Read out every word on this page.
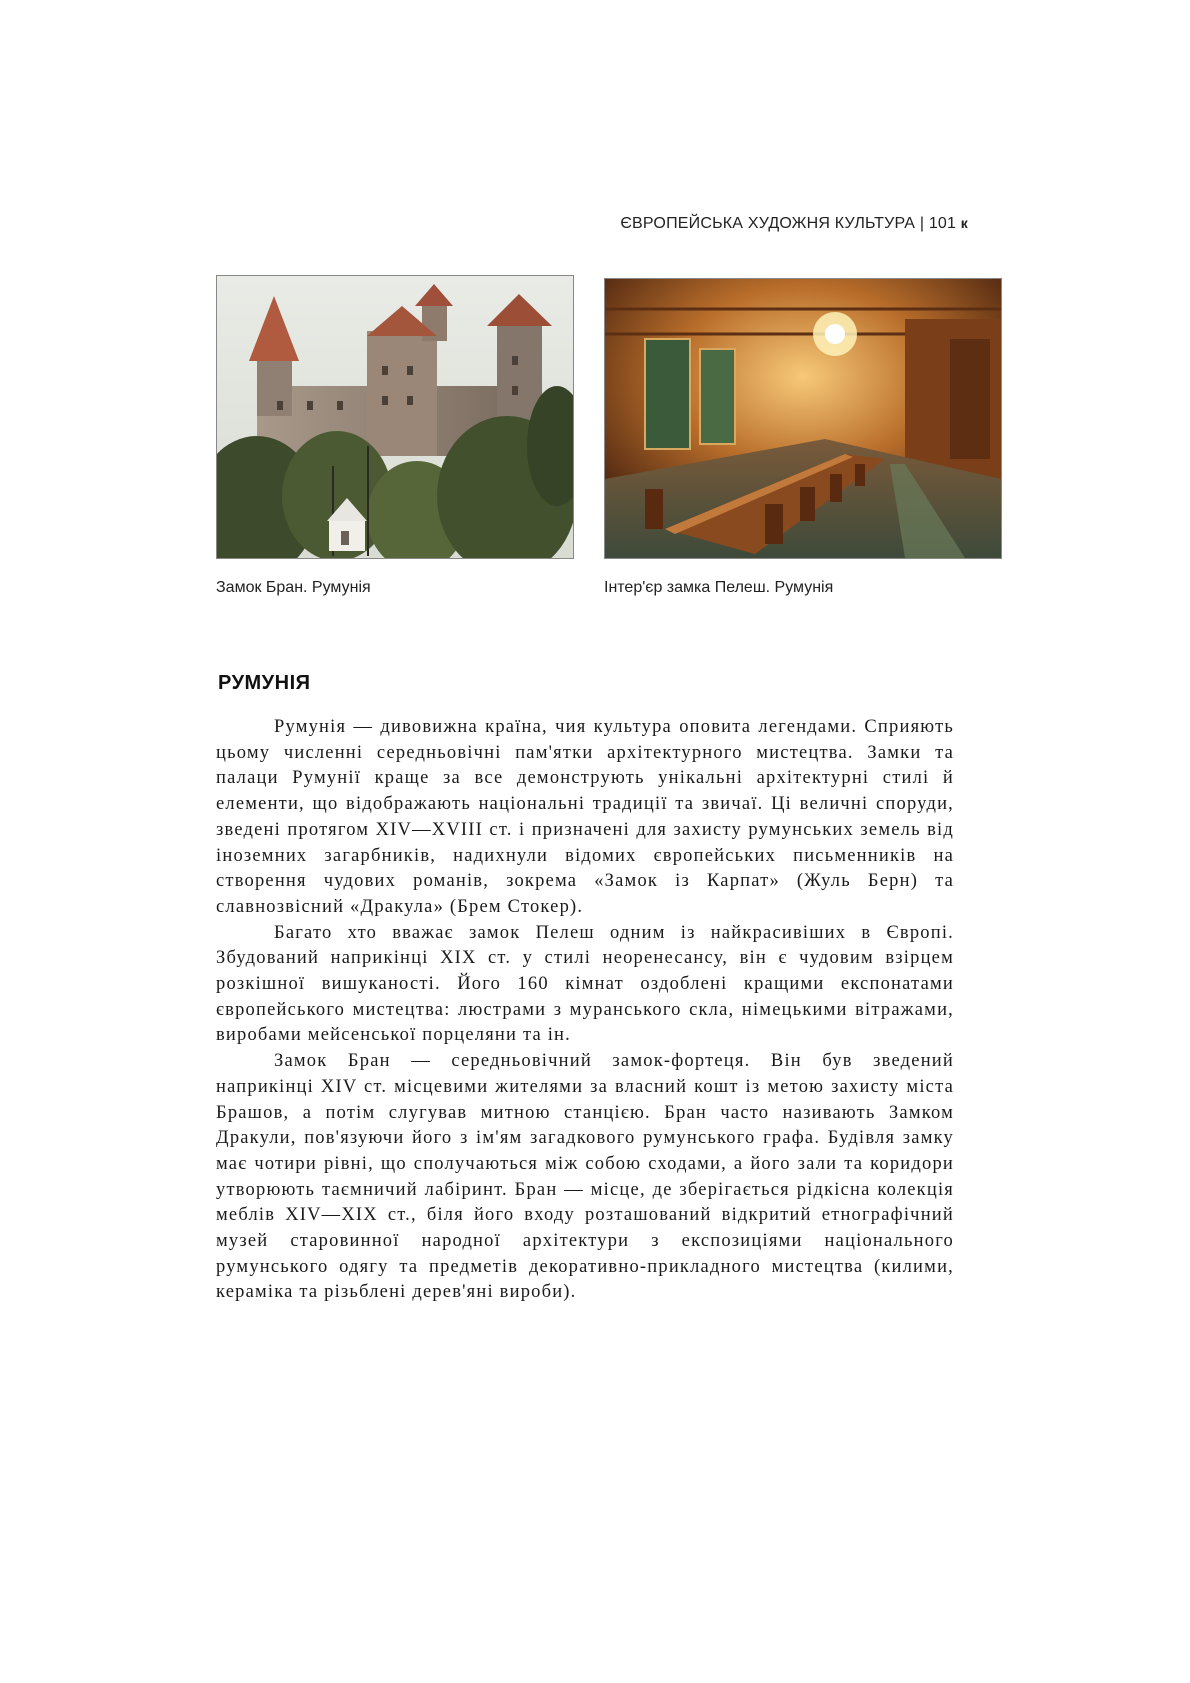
ЄВРОПЕЙСЬКА ХУДОЖНЯ КУЛЬТУРА | 101 к
Замок Бран. Румунія	Інтер'єр замка Пелеш. Румунія
РУМУНІЯ

Румунія — дивовижна країна, чия культура оповита легендами. Сприяють цьому численні середньовічні пам'ятки архітектурного мистецтва. Замки та палаци Румунії краще за все демонструють унікальні архітектурні стилі й елементи, що відображають національні традиції та звичаї. Ці величні споруди, зведені протягом XIV—XVIII ст. і призначені для захисту румунських земель від іноземних загарбників, надихнули відомих європейських письменників на створення чудових романів, зокрема «Замок із Карпат» (Жуль Берн) та славнозвісний «Дракула» (Брем Стокер).

Багато хто вважає замок Пелеш одним із найкрасивіших в Європі. Збудований наприкінці XIX ст. у стилі неоренесансу, він є чудовим взірцем розкішної вишуканості. Його 160 кімнат оздоблені кращими експонатами європейського мистецтва: люстрами з муранського скла, німецькими вітражами, виробами мейсенської порцеляни та ін.

Замок Бран — середньовічний замок-фортеця. Він був зведений наприкінці XIV ст. місцевими жителями за власний кошт із метою захисту міста Брашов, а потім слугував митною станцією. Бран часто називають Замком Дракули, пов'язуючи його з ім'ям загадкового румунського графа. Будівля замку має чотири рівні, що сполучаються між собою сходами, а його зали та коридори утворюють таємничий лабіринт. Бран — місце, де зберігається рідкісна колекція меблів XIV—XIX ст., біля його входу розташований відкритий етнографічний музей старовинної народної архітектури з експозиціями національного румунського одягу та предметів декоративно-прикладного мистецтва (килими, кераміка та різьблені дерев'яні вироби).
